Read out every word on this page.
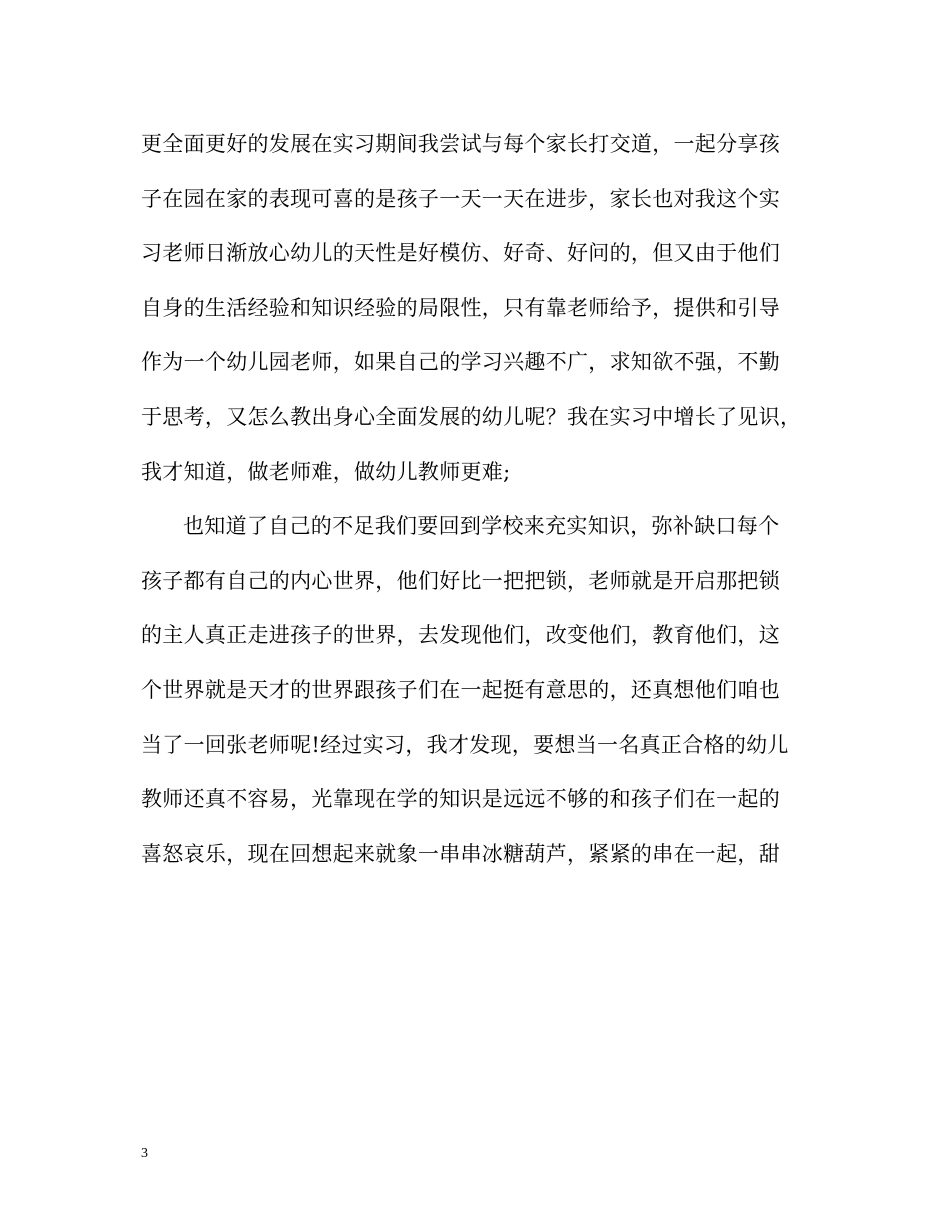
更全面更好的发展在实习期间我尝试与每个家长打交道，一起分享孩
子在园在家的表现可喜的是孩子一天一天在进步，家长也对我这个实
习老师日渐放心幼儿的天性是好模仿、好奇、好问的，但又由于他们
自身的生活经验和知识经验的局限性，只有靠老师给予，提供和引导
作为一个幼儿园老师，如果自己的学习兴趣不广，求知欲不强，不勤
于思考，又怎么教出身心全面发展的幼儿呢？我在实习中增长了见识，
我才知道，做老师难，做幼儿教师更难;
也知道了自己的不足我们要回到学校来充实知识，弥补缺口每个
孩子都有自己的内心世界，他们好比一把把锁，老师就是开启那把锁
的主人真正走进孩子的世界，去发现他们，改变他们，教育他们，这
个世界就是天才的世界跟孩子们在一起挺有意思的，还真想他们咱也
当了一回张老师呢!经过实习，我才发现，要想当一名真正合格的幼儿
教师还真不容易，光靠现在学的知识是远远不够的和孩子们在一起的
喜怒哀乐，现在回想起来就象一串串冰糖葫芦，紧紧的串在一起，甜
3
